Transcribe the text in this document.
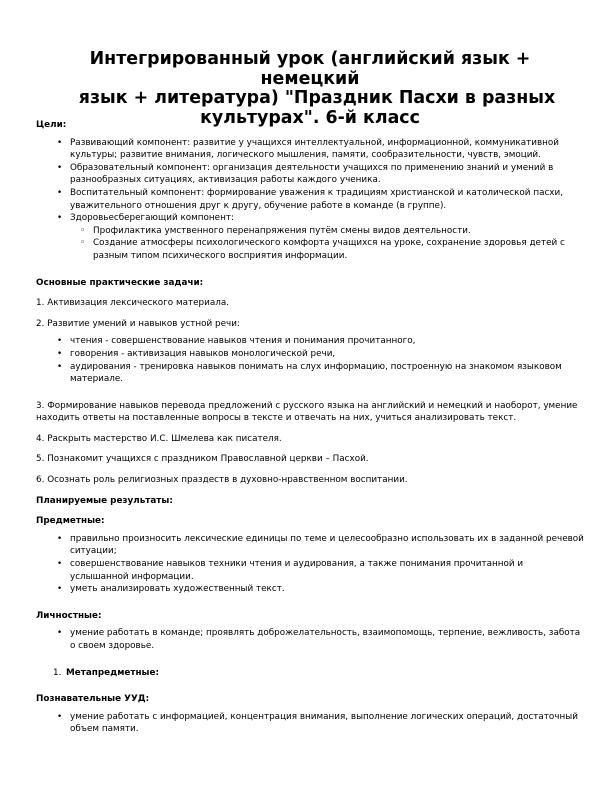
Интегрированный урок (английский язык + немецкий
язык + литература) "Праздник Пасхи в разных
культурах". 6-й класс

Цели:

• Развивающий компонент: развитие у учащихся интеллектуальной, информационной, коммуникативной культуры; развитие внимания, логического мышления, памяти, сообразительности, чувств, эмоций.
• Образовательный компонент: организация деятельности учащихся по применению знаний и умений в разнообразных ситуациях, активизация работы каждого ученика.
• Воспитательный компонент: формирование уважения к традициям христианской и католической пасхи, уважительного отношения друг к другу, обучение работе в команде (в группе).
• Здоровьесберегающий компонент:
◦ Профилактика умственного перенапряжения путём смены видов деятельности.
◦ Создание атмосферы психологического комфорта учащихся на уроке, сохранение здоровья детей с разным типом психического восприятия информации.

Основные практические задачи:

1. Активизация лексического материала.

2. Развитие умений и навыков устной речи:

• чтения - совершенствование навыков чтения и понимания прочитанного,
• говорения - активизация навыков монологической речи,
• аудирования - тренировка навыков понимать на слух информацию, построенную на знакомом языковом материале.

3. Формирование навыков перевода предложений с русского языка на английский и немецкий и наоборот, умение находить ответы на поставленные вопросы в тексте и отвечать на них, учиться анализировать текст.

4. Раскрыть мастерство И.С. Шмелева как писателя.

5. Познакомит учащихся с праздником Православной церкви – Пасхой.

6. Осознать роль религиозных праздеств в духовно-нравственном воспитании.

Планируемые результаты:

Предметные:

• правильно произносить лексические единицы по теме и целесообразно использовать их в заданной речевой ситуации;
• совершенствование навыков техники чтения и аудирования, а также понимания прочитанной и услышанной информации.
• уметь анализировать художественный текст.

Личностные:

• умение работать в команде; проявлять доброжелательность, взаимопомощь, терпение, вежливость, забота о своем здоровье.
1. Метапредметные:

Познавательные УУД:

• умение работать с информацией, концентрация внимания, выполнение логических операций, достаточный объем памяти.
